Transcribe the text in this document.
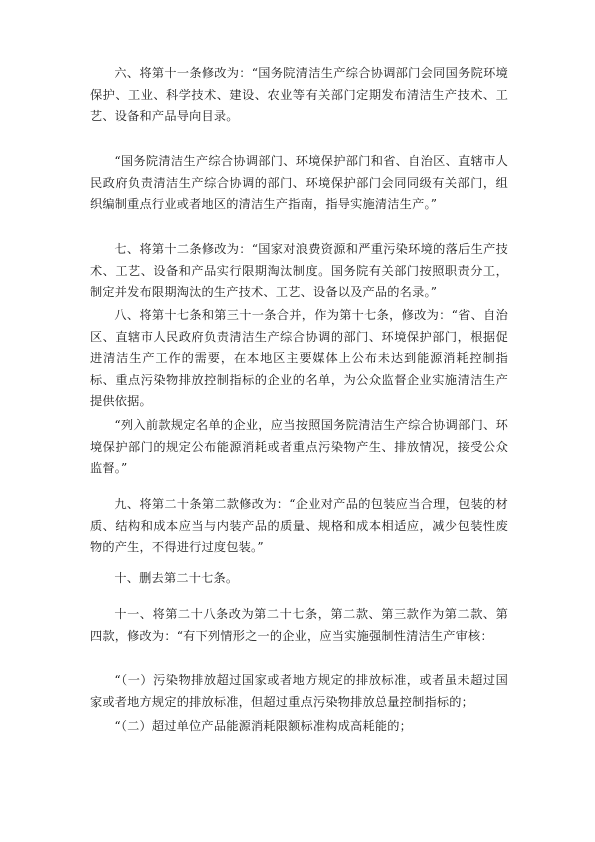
六、将第十一条修改为：“国务院清洁生产综合协调部门会同国务院环境保护、工业、科学技术、建设、农业等有关部门定期发布清洁生产技术、工艺、设备和产品导向目录。

“国务院清洁生产综合协调部门、环境保护部门和省、自治区、直辖市人民政府负责清洁生产综合协调的部门、环境保护部门会同同级有关部门，组织编制重点行业或者地区的清洁生产指南，指导实施清洁生产。”

七、将第十二条修改为：“国家对浪费资源和严重污染环境的落后生产技术、工艺、设备和产品实行限期淘汰制度。国务院有关部门按照职责分工，制定并发布限期淘汰的生产技术、工艺、设备以及产品的名录。”

八、将第十七条和第三十一条合并，作为第十七条，修改为：“省、自治区、直辖市人民政府负责清洁生产综合协调的部门、环境保护部门，根据促进清洁生产工作的需要，在本地区主要媒体上公布未达到能源消耗控制指标、重点污染物排放控制指标的企业的名单，为公众监督企业实施清洁生产提供依据。

“列入前款规定名单的企业，应当按照国务院清洁生产综合协调部门、环境保护部门的规定公布能源消耗或者重点污染物产生、排放情况，接受公众监督。”

九、将第二十条第二款修改为：“企业对产品的包装应当合理，包装的材质、结构和成本应当与内装产品的质量、规格和成本相适应，减少包装性废物的产生，不得进行过度包装。”

十、删去第二十七条。

十一、将第二十八条改为第二十七条，第二款、第三款作为第二款、第四款，修改为：“有下列情形之一的企业，应当实施强制性清洁生产审核：

“（一）污染物排放超过国家或者地方规定的排放标准，或者虽未超过国家或者地方规定的排放标准，但超过重点污染物排放总量控制指标的；

“（二）超过单位产品能源消耗限额标准构成高耗能的；
